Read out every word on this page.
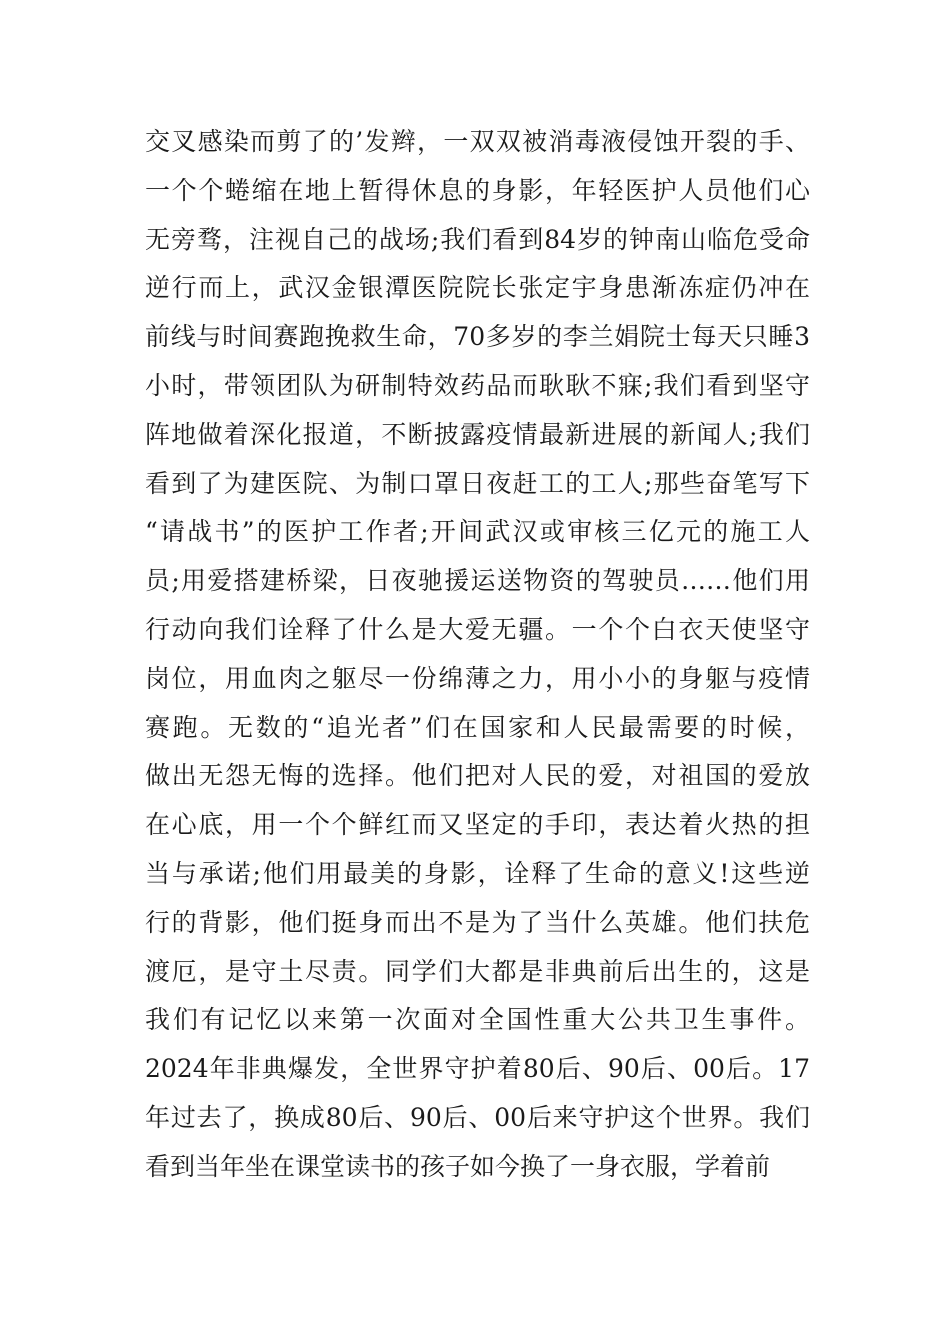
交叉感染而剪了的’发辫，一双双被消毒液侵蚀开裂的手、
一个个蜷缩在地上暂得休息的身影，年轻医护人员他们心
无旁骛，注视自己的战场;我们看到84岁的钟南山临危受命
逆行而上，武汉金银潭医院院长张定宇身患渐冻症仍冲在
前线与时间赛跑挽救生命，70多岁的李兰娟院士每天只睡3
小时，带领团队为研制特效药品而耿耿不寐;我们看到坚守
阵地做着深化报道，不断披露疫情最新进展的新闻人;我们
看到了为建医院、为制口罩日夜赶工的工人;那些奋笔写下
“请战书”的医护工作者;开间武汉或审核三亿元的施工人
员;用爱搭建桥梁，日夜驰援运送物资的驾驶员……他们用
行动向我们诠释了什么是大爱无疆。一个个白衣天使坚守
岗位，用血肉之躯尽一份绵薄之力，用小小的身躯与疫情
赛跑。无数的“追光者”们在国家和人民最需要的时候，
做出无怨无悔的选择。他们把对人民的爱，对祖国的爱放
在心底，用一个个鲜红而又坚定的手印，表达着火热的担
当与承诺;他们用最美的身影，诠释了生命的意义!这些逆
行的背影，他们挺身而出不是为了当什么英雄。他们扶危
渡厄，是守土尽责。同学们大都是非典前后出生的，这是
我们有记忆以来第一次面对全国性重大公共卫生事件。
2024年非典爆发，全世界守护着80后、90后、00后。17
年过去了，换成80后、90后、00后来守护这个世界。我们
看到当年坐在课堂读书的孩子如今换了一身衣服，学着前
